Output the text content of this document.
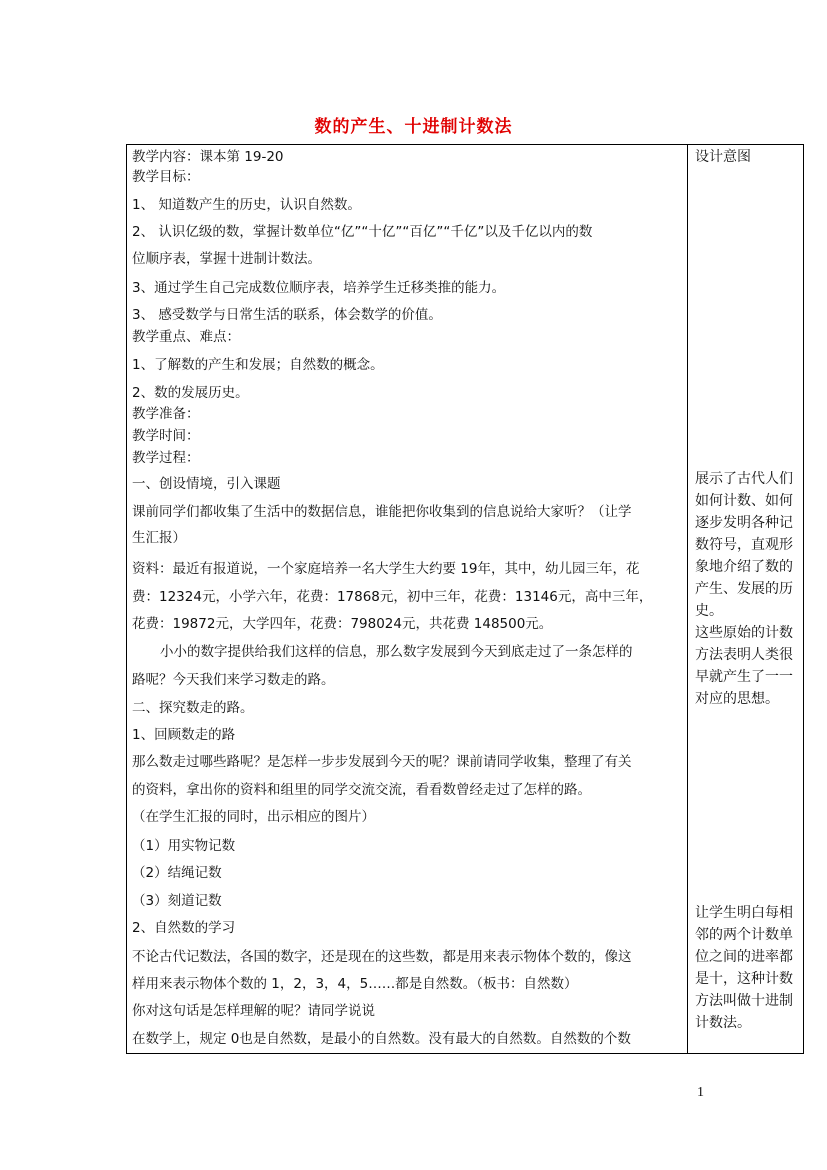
数的产生、十进制计数法
教学内容：课本第 19-20
教学目标：
1、 知道数产生的历史，认识自然数。
2、 认识亿级的数，掌握计数单位“亿”“十亿”“百亿”“千亿”以及千亿以内的数
位顺序表，掌握十进制计数法。
3、通过学生自己完成数位顺序表，培养学生迁移类推的能力。
3、 感受数学与日常生活的联系，体会数学的价值。
教学重点、难点：
1、了解数的产生和发展；自然数的概念。
2、数的发展历史。
教学准备：
教学时间：
教学过程：
一、创设情境，引入课题
课前同学们都收集了生活中的数据信息，谁能把你收集到的信息说给大家听？（让学
生汇报）
资料：最近有报道说，一个家庭培养一名大学生大约要 19年，其中，幼儿园三年，花
费：12324元，小学六年，花费：17868元，初中三年，花费：13146元，高中三年，
花费：19872元，大学四年，花费：798024元，共花费 148500元。
小小的数字提供给我们这样的信息，那么数字发展到今天到底走过了一条怎样的
路呢？今天我们来学习数走的路。
二、探究数走的路。
1、回顾数走的路
那么数走过哪些路呢？是怎样一步步发展到今天的呢？课前请同学收集，整理了有关
的资料，拿出你的资料和组里的同学交流交流，看看数曾经走过了怎样的路。
（在学生汇报的同时，出示相应的图片）
（1）用实物记数
（2）结绳记数
（3）刻道记数
2、自然数的学习
不论古代记数法，各国的数字，还是现在的这些数，都是用来表示物体个数的，像这
样用来表示物体个数的 1，2，3，4，5……都是自然数。（板书：自然数）
你对这句话是怎样理解的呢？请同学说说
在数学上，规定 0也是自然数，是最小的自然数。没有最大的自然数。自然数的个数
设计意图
展示了古代人们
如何计数、如何
逐步发明各种记
数符号，直观形
象地介绍了数的
产生、发展的历
史。
这些原始的计数
方法表明人类很
早就产生了一一
对应的思想。
让学生明白每相
邻的两个计数单
位之间的进率都
是十，这种计数
方法叫做十进制
计数法。
1
